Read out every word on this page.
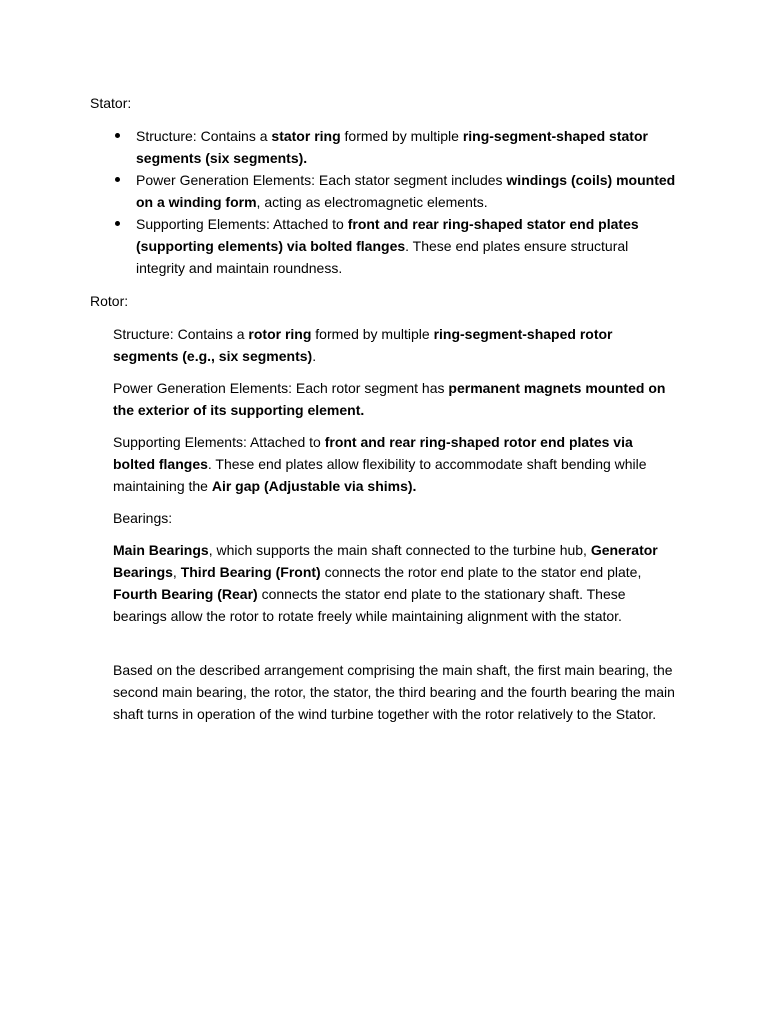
Stator:

Structure: Contains a stator ring formed by multiple ring-segment-shaped stator segments (six segments).
Power Generation Elements: Each stator segment includes windings (coils) mounted on a winding form, acting as electromagnetic elements.
Supporting Elements: Attached to front and rear ring-shaped stator end plates (supporting elements) via bolted flanges. These end plates ensure structural integrity and maintain roundness.

Rotor:

Structure: Contains a rotor ring formed by multiple ring-segment-shaped rotor segments (e.g., six segments).

Power Generation Elements: Each rotor segment has permanent magnets mounted on the exterior of its supporting element.

Supporting Elements: Attached to front and rear ring-shaped rotor end plates via bolted flanges. These end plates allow flexibility to accommodate shaft bending while maintaining the Air gap (Adjustable via shims).

Bearings:

Main Bearings, which supports the main shaft connected to the turbine hub, Generator Bearings, Third Bearing (Front) connects the rotor end plate to the stator end plate, Fourth Bearing (Rear) connects the stator end plate to the stationary shaft. These bearings allow the rotor to rotate freely while maintaining alignment with the stator.

Based on the described arrangement comprising the main shaft, the first main bearing, the second main bearing, the rotor, the stator, the third bearing and the fourth bearing the main shaft turns in operation of the wind turbine together with the rotor relatively to the Stator.
